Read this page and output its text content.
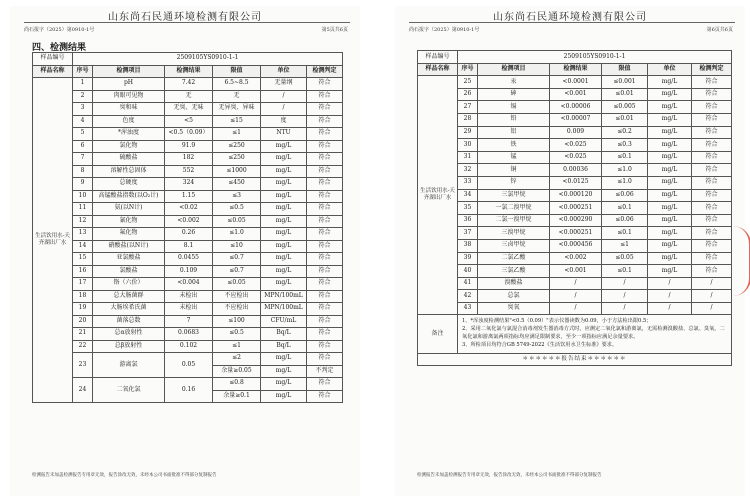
山东尚石民通环境检测有限公司
尚石报字（2025）第0910-1号	第5页共6页
四、检测结果
样品编号	2509105YS0910-1-1					
样品名称	序号	检测项目	检测结果	限值	单位	检测判定
生活饮用水-天齐湖出厂水	1	pH	7.42	6.5~8.5	无量纲	符合
	2	肉眼可见物	无	无	/	符合
	3	臭和味	无臭、无味	无异臭、异味	/	符合
	4	色度	<5	≤15	度	符合
	5	*浑浊度	<0.5（0.09）	≤1	NTU	符合
	6	氯化物	91.9	≤250	mg/L	符合
	7	硫酸盐	182	≤250	mg/L	符合
	8	溶解性总固体	552	≤1000	mg/L	符合
	9	总硬度	324	≤450	mg/L	符合
	10	高锰酸盐指数(以O₂计)	1.15	≤3	mg/L	符合
	11	氨(以N计)	<0.02	≤0.5	mg/L	符合
	12	氰化物	<0.002	≤0.05	mg/L	符合
	13	氟化物	0.26	≤1.0	mg/L	符合
	14	硝酸盐(以N计)	8.1	≤10	mg/L	符合
	15	亚氯酸盐	0.0455	≤0.7	mg/L	符合
	16	氯酸盐	0.109	≤0.7	mg/L	符合
	17	铬（六价）	<0.004	≤0.05	mg/L	符合
	18	总大肠菌群	未检出	不应检出	MPN/100mL	符合
	19	大肠埃希氏菌	未检出	不应检出	MPN/100mL	符合
	20	菌落总数	7	≤100	CFU/mL	符合
	21	总α放射性	0.0683	≤0.5	Bq/L	符合
	22	总β放射性	0.102	≤1	Bq/L	符合
	23	游离氯	0.05	≤2	mg/L	符合
				余量≥0.05	mg/L	不判定
	24	二氧化氯	0.16	≤0.8	mg/L	符合
				余量≥0.1	mg/L	符合
检测报告未加盖检测报告专用章无效，报告涂改无效，未经本公司书面批准不得部分复制报告
山东尚石民通环境检测有限公司
尚石报字（2025）第0910-1号	第6页共6页
样品编号	2509105YS0910-1-1					
样品名称	序号	检测项目	检测结果	限值	单位	检测判定
生活饮用水-天齐湖出厂水	25	汞	<0.0001	≤0.001	mg/L	符合
	26	砷	<0.001	≤0.01	mg/L	符合
	27	镉	<0.00006	≤0.005	mg/L	符合
	28	铅	<0.00007	≤0.01	mg/L	符合
	29	铝	0.009	≤0.2	mg/L	符合
	30	铁	<0.025	≤0.3	mg/L	符合
	31	锰	<0.025	≤0.1	mg/L	符合
	32	铜	0.00036	≤1.0	mg/L	符合
	33	锌	<0.0125	≤1.0	mg/L	符合
	34	三氯甲烷	<0.000120	≤0.06	mg/L	符合
	35	一氯二溴甲烷	<0.000251	≤0.1	mg/L	符合
	36	二氯一溴甲烷	<0.000290	≤0.06	mg/L	符合
	37	三溴甲烷	<0.000251	≤0.1	mg/L	符合
	38	三卤甲烷	<0.000456	≤1	mg/L	符合
	39	二氯乙酸	<0.002	≤0.05	mg/L	符合
	40	三氯乙酸	<0.001	≤0.1	mg/L	符合
	41	溴酸盐	/	/	/	/
	42	总氯	/	/	/	/
	43	臭氧	/	/	/	/
备注	1、*浑浊度检测结果"<0.5（0.09）"表示仪器读数为0.09，小于方法检出限0.5；

2、采用二氧化氯与氯混合消毒剂发生器消毒方式时，应测定二氧化氯和游离氯，无需检测溴酸盐、总氯、臭氧，二氧化氯和游离氯两项指标均应满足限制要求，至少一项指标应满足余量要求。

3、所检项目均符合GB 5749-2022《生活饮用水卫生标准》要求。					

＊＊＊＊＊＊报告结束＊＊＊＊＊＊						
检测报告未加盖检测报告专用章无效，报告涂改无效，未经本公司书面批准不得部分复制报告
